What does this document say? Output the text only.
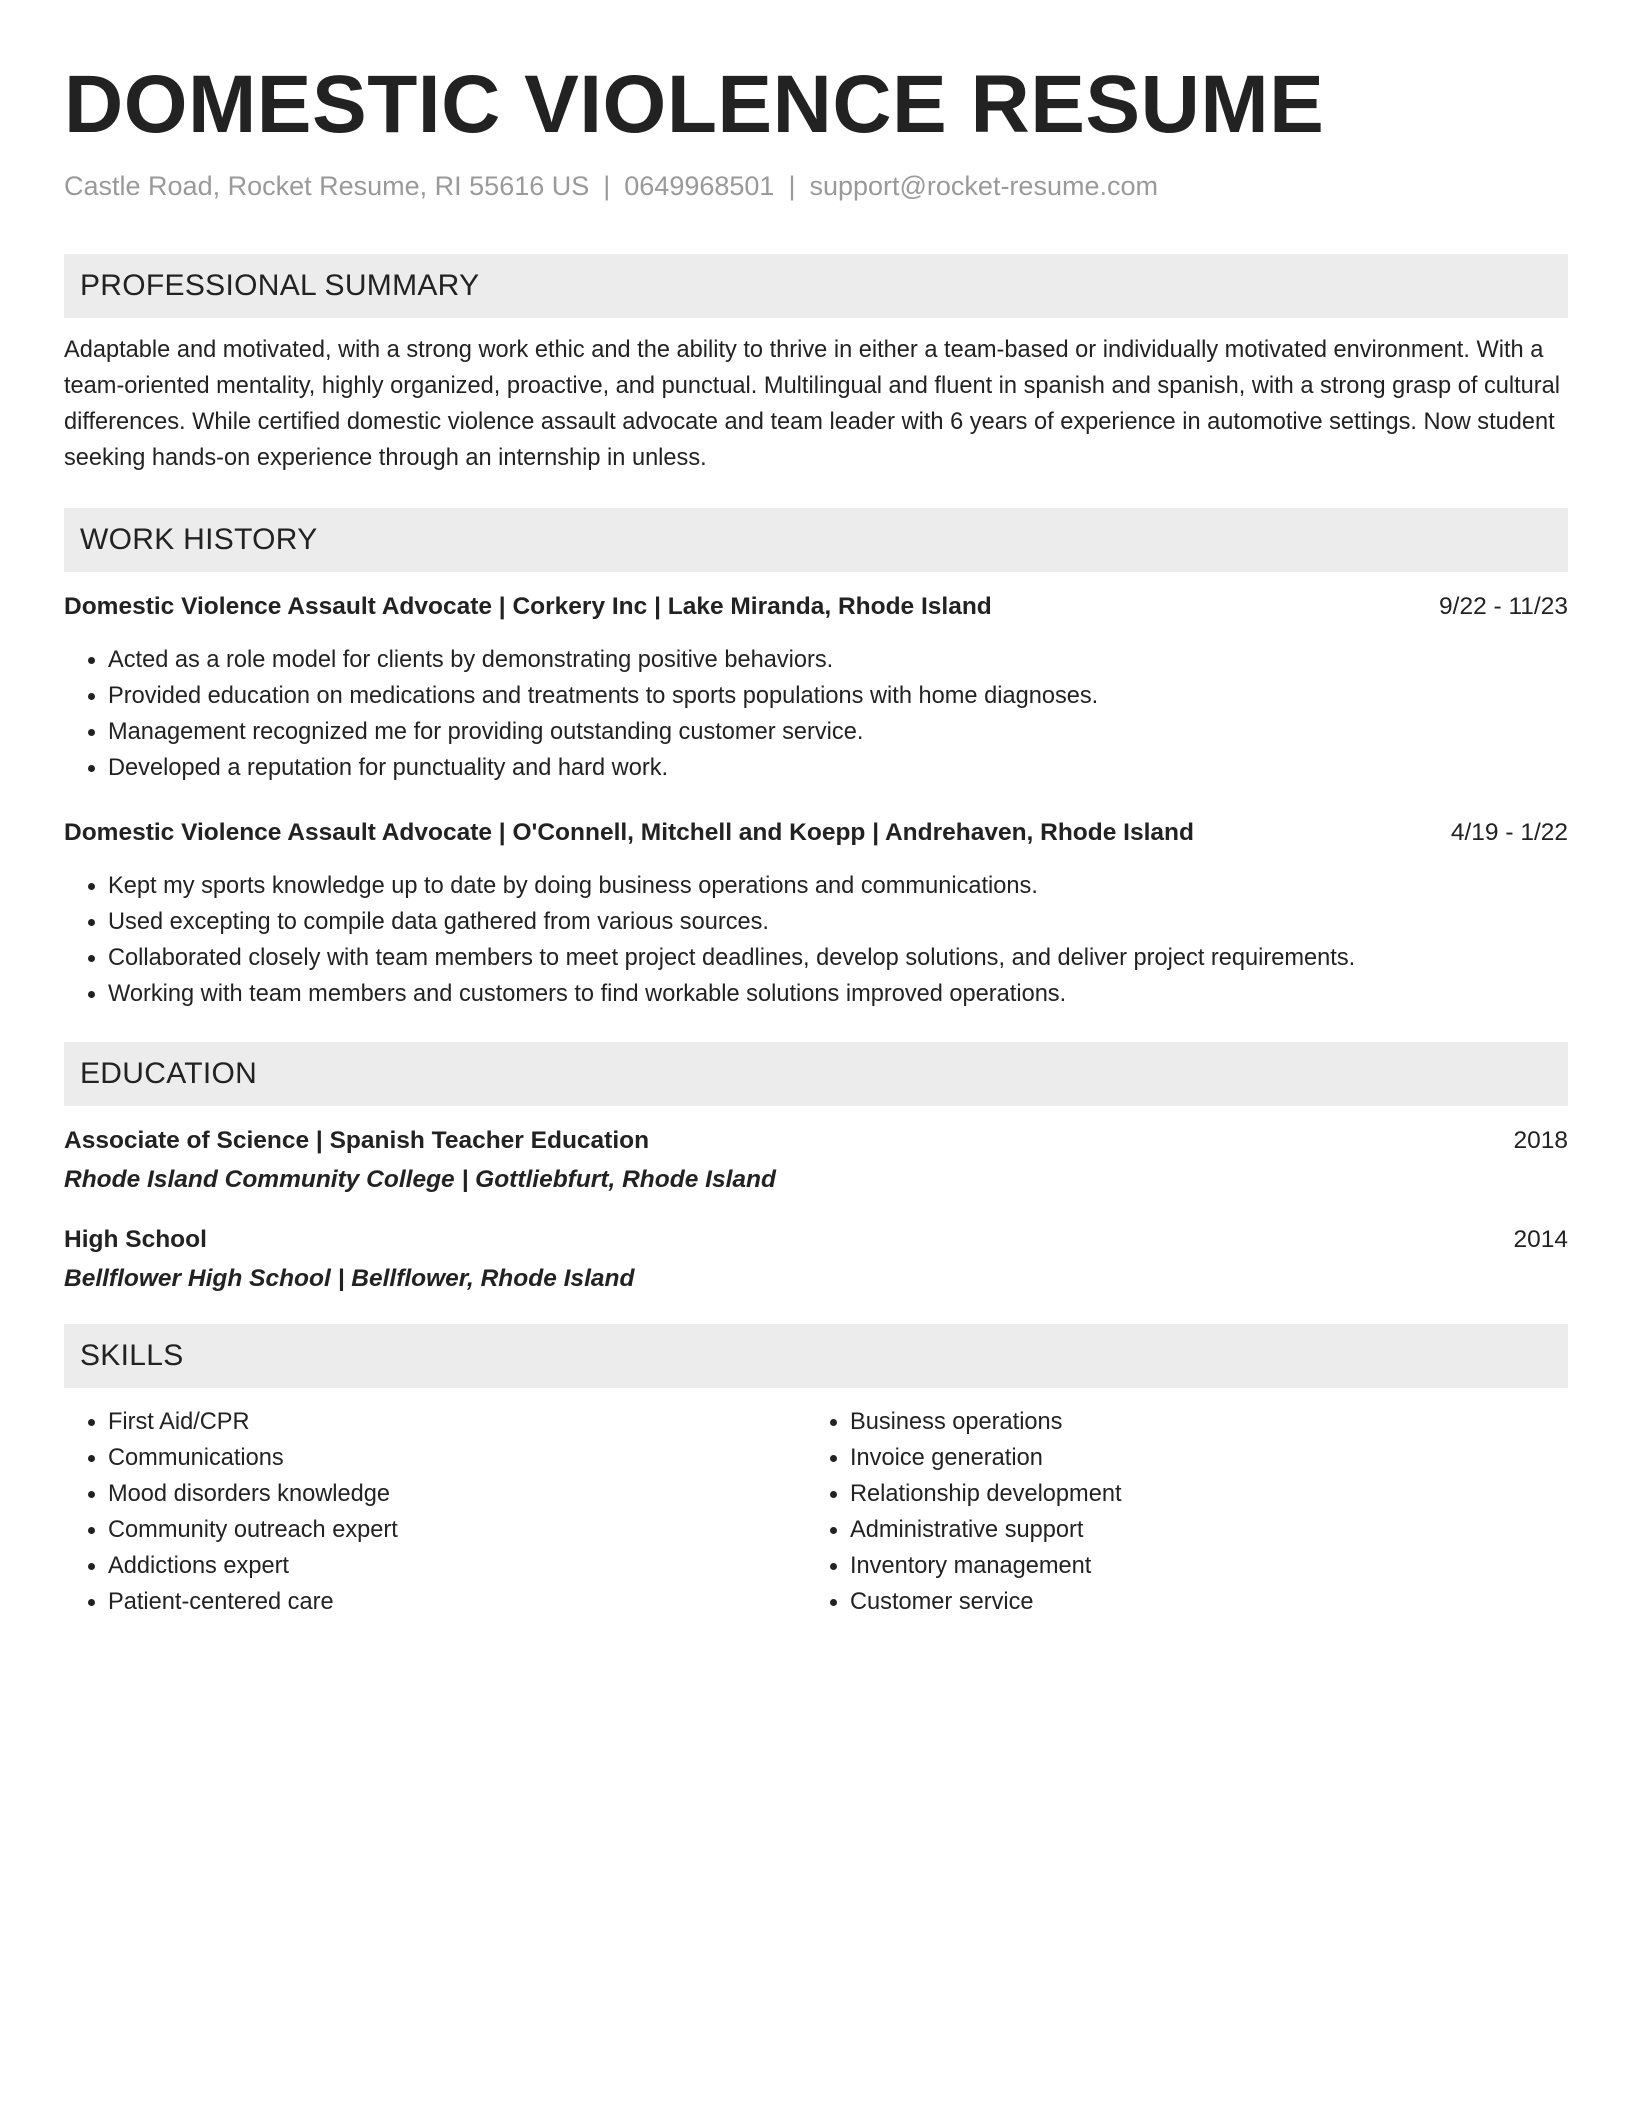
DOMESTIC VIOLENCE RESUME
Castle Road, Rocket Resume, RI 55616 US | 0649968501 | support@rocket-resume.com
PROFESSIONAL SUMMARY
Adaptable and motivated, with a strong work ethic and the ability to thrive in either a team-based or individually motivated environment. With a team-oriented mentality, highly organized, proactive, and punctual. Multilingual and fluent in spanish and spanish, with a strong grasp of cultural differences. While certified domestic violence assault advocate and team leader with 6 years of experience in automotive settings. Now student seeking hands-on experience through an internship in unless.
WORK HISTORY
Domestic Violence Assault Advocate | Corkery Inc | Lake Miranda, Rhode Island	9/22 - 11/23
• Acted as a role model for clients by demonstrating positive behaviors.
• Provided education on medications and treatments to sports populations with home diagnoses.
• Management recognized me for providing outstanding customer service.
• Developed a reputation for punctuality and hard work.
Domestic Violence Assault Advocate | O'Connell, Mitchell and Koepp | Andrehaven, Rhode Island	4/19 - 1/22
• Kept my sports knowledge up to date by doing business operations and communications.
• Used excepting to compile data gathered from various sources.
• Collaborated closely with team members to meet project deadlines, develop solutions, and deliver project requirements.
• Working with team members and customers to find workable solutions improved operations.
EDUCATION
Associate of Science | Spanish Teacher Education	2018
Rhode Island Community College | Gottliebfurt, Rhode Island
High School	2014
Bellflower High School | Bellflower, Rhode Island
SKILLS
• First Aid/CPR
• Communications
• Mood disorders knowledge
• Community outreach expert
• Addictions expert
• Patient-centered care
• Business operations
• Invoice generation
• Relationship development
• Administrative support
• Inventory management
• Customer service
